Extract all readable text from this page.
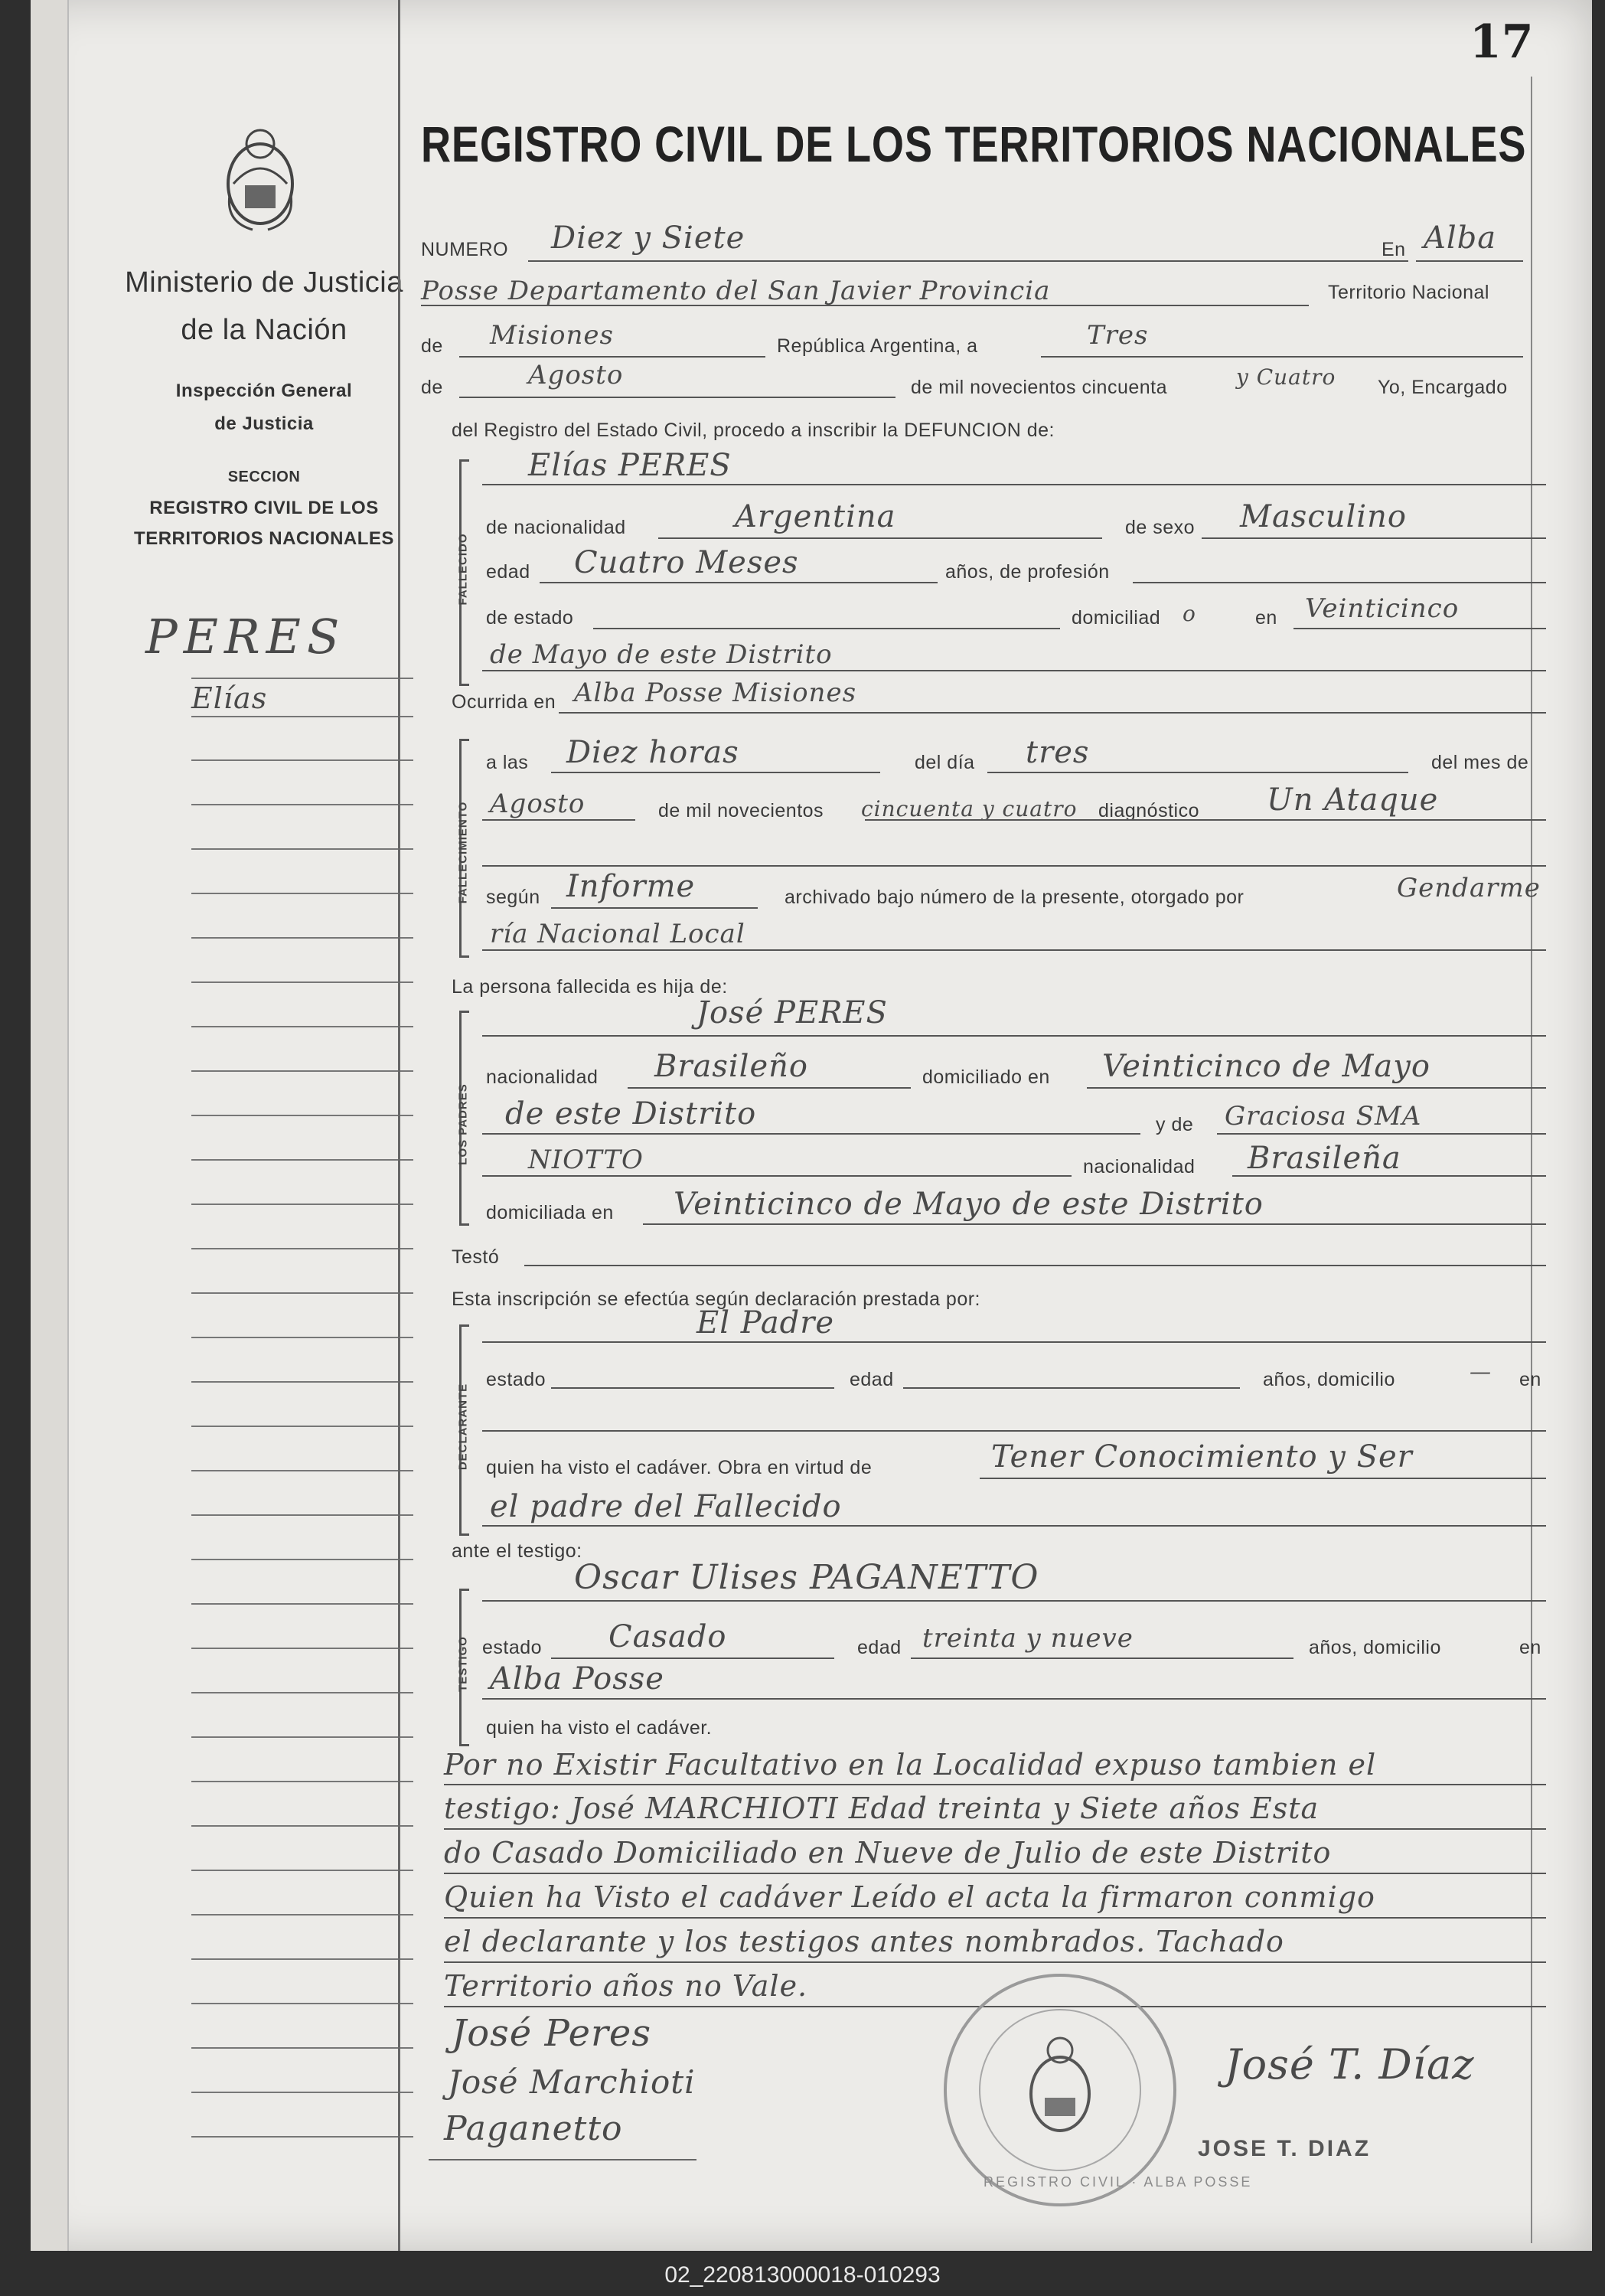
17
Ministerio de Justicia
de la Nación
Inspección General
de Justicia
SECCION
REGISTRO CIVIL DE LOS
TERRITORIOS NACIONALES
PERES
Elías
REGISTRO CIVIL DE LOS TERRITORIOS NACIONALES
NUMERO Diez y Siete	En Alba
Posse Departamento del San Javier Provincia	Territorio Nacional
de Misiones	República Argentina, a	Tres
de	Agosto	de mil novecientos cincuenta	y Cuatro Yo, Encargado
del Registro del Estado Civil, procedo a inscribir la DEFUNCION de:
FALLECIDO
Elías PERES
de nacionalidad	Argentina	de sexo Masculino
edad Cuatro Meses	años, de profesión
de estado	domiciliad o	en Veinticinco
de Mayo de este Distrito
Ocurrida en Alba Posse Misiones
FALLECIMIENTO
a las Diez horas	del día tres	del mes de
Agosto	de mil novecientos cincuenta y cuatro diagnóstico Un Ataque
según Informe	archivado bajo número de la presente, otorgado por	Gendarme
ría Nacional Local
La persona fallecida es hija de:
LOS PADRES
José PERES
nacionalidad Brasileño	domiciliado en Veinticinco de Mayo
de este Distrito	y de Graciosa SMA
NIOTTO	nacionalidad Brasileña
domiciliada en Veinticinco de Mayo de este Distrito
Testó
Esta inscripción se efectúa según declaración prestada por:
DECLARANTE
El Padre
estado	edad	años, domicilio	— en
quien ha visto el cadáver. Obra en virtud de	Tener Conocimiento y Ser
el padre del Fallecido
ante el testigo:
TESTIGO
Oscar Ulises PAGANETTO
estado Casado	edad treinta y nueve	años, domicilio	en
Alba Posse
quien ha visto el cadáver.
Por no Existir Facultativo en la Localidad expuso tambien el
testigo: José MARCHIOTI Edad treinta y Siete años Esta
do Casado Domiciliado en Nueve de Julio de este Distrito
Quien ha Visto el cadáver Leído el acta la firmaron conmigo
el declarante y los testigos antes nombrados. Tachado
Territorio años no Vale.
José Peres
José Marchioti
Paganetto
REGISTRO CIVIL · ALBA POSSE
José T. Díaz
JOSE T. DIAZ
02_220813000018-010293
